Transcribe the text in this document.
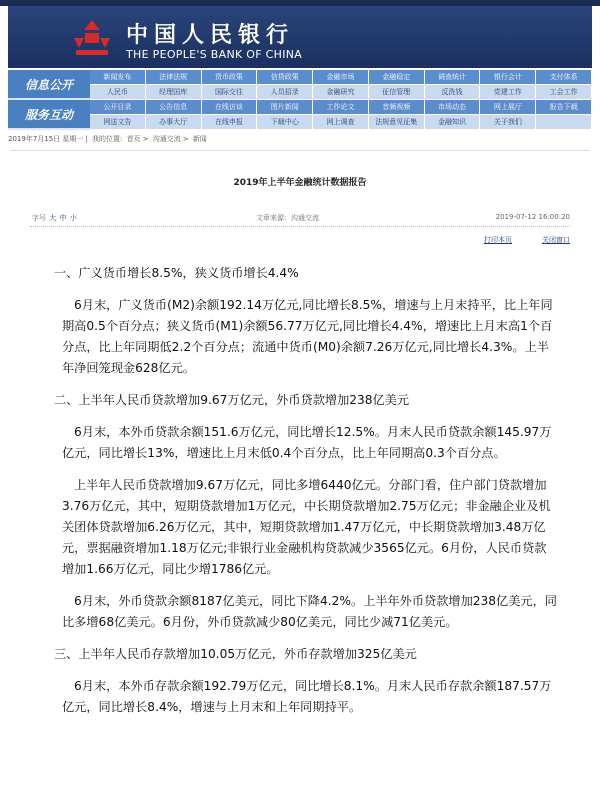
中国人民银行
THE PEOPLE'S BANK OF CHINA
信息公开
服务互动
新闻发布	法律法规	货币政策	信贷政策	金融市场	金融稳定	调查统计	银行会计	支付体系
人民币	经理国库	国际交往	人员招录	金融研究	征信管理	反洗钱	党建工作	工会工作
公开目录	公告信息	在线访谈	图片新闻	工作论文	音频视频	市场动态	网上展厅	报告下载
网送文告	办事大厅	在线申报	下载中心	网上调查	法规意见征集	金融知识	关于我们
2019年7月15日 星期一 | 我的位置: 首页 > 沟通交流 > 新闻
2019年上半年金融统计数据报告
字号 大 中 小	文章来源：沟通交流	2019-07-12 16:00:20
打印本页	关闭窗口

一、广义货币增长8.5%，狭义货币增长4.4%

6月末，广义货币(M2)余额192.14万亿元,同比增长8.5%，增速与上月末持平，比上年同期高0.5个百分点；狭义货币(M1)余额56.77万亿元,同比增长4.4%，增速比上月末高1个百分点，比上年同期低2.2个百分点；流通中货币(M0)余额7.26万亿元,同比增长4.3%。上半年净回笼现金628亿元。

二、上半年人民币贷款增加9.67万亿元，外币贷款增加238亿美元

6月末，本外币贷款余额151.6万亿元，同比增长12.5%。月末人民币贷款余额145.97万亿元，同比增长13%，增速比上月末低0.4个百分点，比上年同期高0.3个百分点。

上半年人民币贷款增加9.67万亿元，同比多增6440亿元。分部门看，住户部门贷款增加3.76万亿元，其中，短期贷款增加1万亿元，中长期贷款增加2.75万亿元；非金融企业及机关团体贷款增加6.26万亿元，其中，短期贷款增加1.47万亿元，中长期贷款增加3.48万亿元，票据融资增加1.18万亿元;非银行业金融机构贷款减少3565亿元。6月份，人民币贷款增加1.66万亿元，同比少增1786亿元。

6月末，外币贷款余额8187亿美元，同比下降4.2%。上半年外币贷款增加238亿美元，同比多增68亿美元。6月份，外币贷款减少80亿美元，同比少减71亿美元。

三、上半年人民币存款增加10.05万亿元，外币存款增加325亿美元

6月末，本外币存款余额192.79万亿元，同比增长8.1%。月末人民币存款余额187.57万亿元，同比增长8.4%，增速与上月末和上年同期持平。
